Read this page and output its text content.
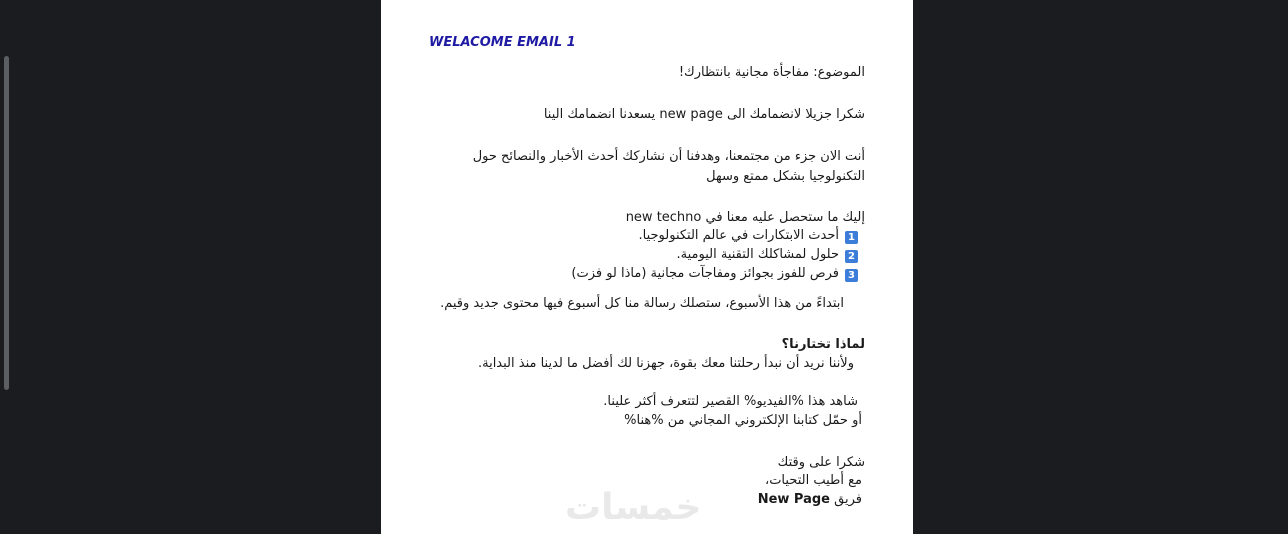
WELACOME EMAIL 1
الموضوع: مفاجأة مجانية بانتظارك!
شكرا جزيلا لانضمامك الى new page يسعدنا انضمامك الينا
أنت الان جزء من مجتمعنا، وهدفنا أن نشاركك أحدث الأخبار والنصائح حول
التكنولوجيا بشكل ممتع وسهل
إليك ما ستحصل عليه معنا في new techno
1أحدث الابتكارات في عالم التكنولوجيا.
2حلول لمشاكلك التقنية اليومية.
3فرص للفوز بجوائز ومفاجآت مجانية (ماذا لو فزت)
ابتداءً من هذا الأسبوع، ستصلك رسالة منا كل أسبوع فيها محتوى جديد وقيم.
لماذا تختارنا؟
ولأننا نريد أن نبدأ رحلتنا معك بقوة، جهزنا لك أفضل ما لدينا منذ البداية.
شاهد هذا %الفيديو% القصير لتتعرف أكثر علينا.
أو حمّل كتابنا الإلكتروني المجاني من %هنا%
شكرا على وقتك
مع أطيب التحيات،
فريق New Page
خمسات
